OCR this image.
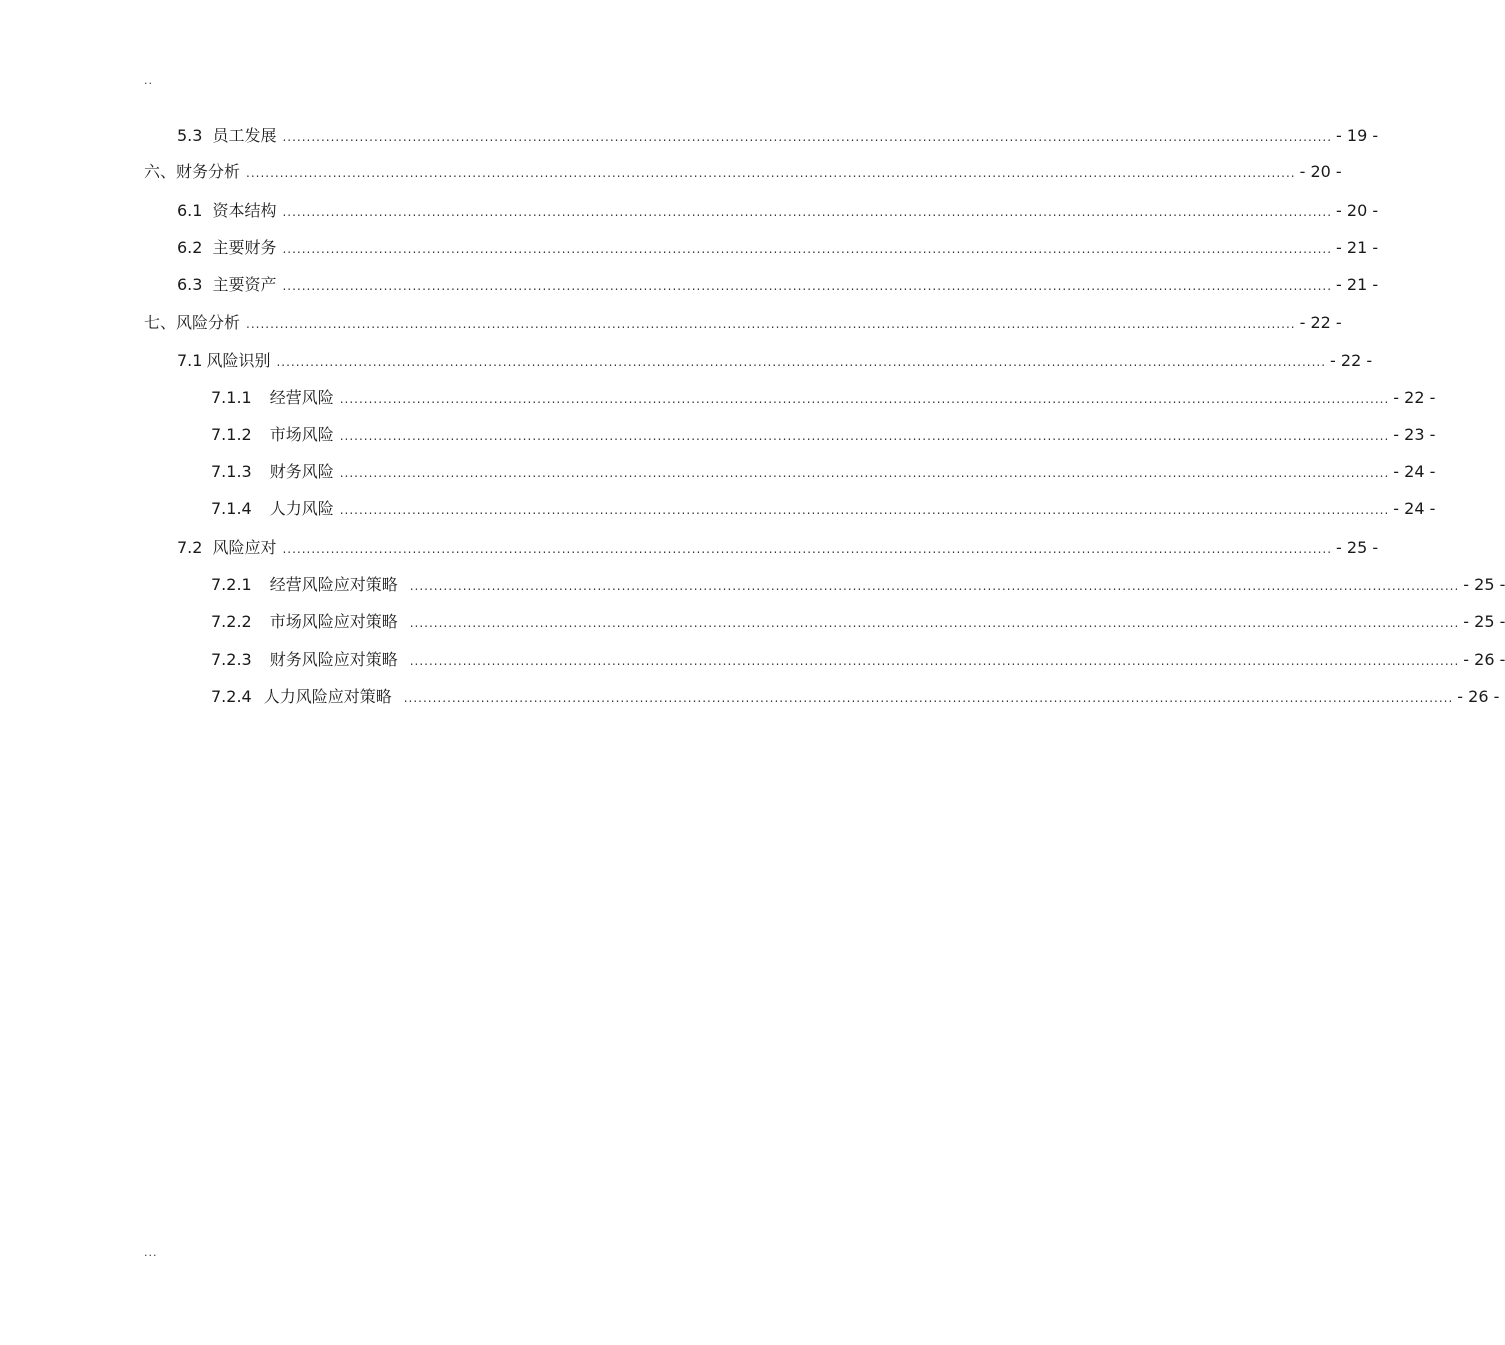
..
5.3 员工发展 .......................................................................................................................................................................................................................... - 19 -
六、 财务分析 .......................................................................................................................................................................................................................... - 20 -
6.1 资本结构 .......................................................................................................................................................................................................................... - 20 -
6.2 主要财务 .......................................................................................................................................................................................................................... - 21 -
6.3 主要资产 .......................................................................................................................................................................................................................... - 21 -
七、 风险分析 .......................................................................................................................................................................................................................... - 22 -
7.1 风险识别 .......................................................................................................................................................................................................................... - 22 -
7.1.1 经营风险 .......................................................................................................................................................................................................................... - 22 -
7.1.2 市场风险 .......................................................................................................................................................................................................................... - 23 -
7.1.3 财务风险 .......................................................................................................................................................................................................................... - 24 -
7.1.4 人力风险 .......................................................................................................................................................................................................................... - 24 -
7.2 风险应对 .......................................................................................................................................................................................................................... - 25 -
7.2.1 经营风险应对策略 .......................................................................................................................................................................................................................... - 25 -
7.2.2 市场风险应对策略 .......................................................................................................................................................................................................................... - 25 -
7.2.3 财务风险应对策略 .......................................................................................................................................................................................................................... - 26 -
7.2.4 人力风险应对策略 .......................................................................................................................................................................................................................... - 26 -
...
